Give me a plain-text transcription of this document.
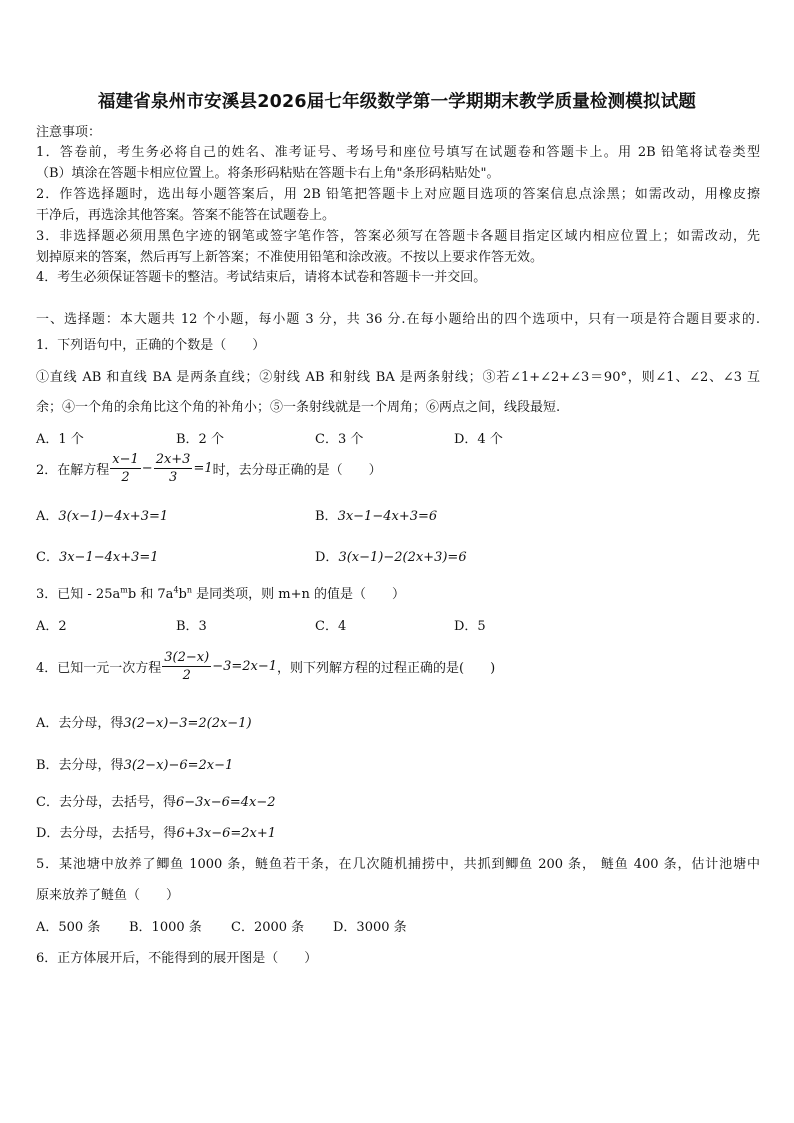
福建省泉州市安溪县2026届七年级数学第一学期期末教学质量检测模拟试题
注意事项：
1．答卷前，考生务必将自己的姓名、准考证号、考场号和座位号填写在试题卷和答题卡上。用 2B 铅笔将试卷类型
（B）填涂在答题卡相应位置上。将条形码粘贴在答题卡右上角"条形码粘贴处"。
2．作答选择题时，选出每小题答案后，用 2B 铅笔把答题卡上对应题目选项的答案信息点涂黑；如需改动，用橡皮擦
干净后，再选涂其他答案。答案不能答在试题卷上。
3．非选择题必须用黑色字迹的钢笔或签字笔作答，答案必须写在答题卡各题目指定区域内相应位置上；如需改动，先
划掉原来的答案，然后再写上新答案；不准使用铅笔和涂改液。不按以上要求作答无效。
4．考生必须保证答题卡的整洁。考试结束后，请将本试卷和答题卡一并交回。
一、选择题：本大题共 12 个小题，每小题 3 分，共 36 分.在每小题给出的四个选项中，只有一项是符合题目要求的.
1．下列语句中，正确的个数是（　　）
①直线 AB 和直线 BA 是两条直线；②射线 AB 和射线 BA 是两条射线；③若∠1+∠2+∠3＝90°，则∠1、∠2、∠3 互
余；④一个角的余角比这个角的补角小；⑤一条射线就是一个周角；⑥两点之间，线段最短.
A．1 个	B．2 个	C．3 个	D．4 个
2．在解方程 $\frac{x-1}{2} - \frac{2x+3}{3} =1$时，去分母正确的是（　　）
A．3(x−1)−4x+3=1	B．3x−1−4x+3=6
C．3x−1−4x+3=1	D．3(x−1)−2(2x+3)=6
3．已知 - $25a^mb$ 和 $7a^4b^n$ 是同类项，则 m+n 的值是（　　）
A．2	B．3	C．4	D．5
4．已知一元一次方程 $\frac{3(2-x)}{2} -3=2x-1$，则下列解方程的过程正确的是(　　)
A．去分母，得3(2−x)−3=2(2x−1)
B．去分母，得3(2−x)−6=2x−1
C．去分母，去括号，得6−3x−6=4x−2
D．去分母，去括号，得6+3x−6=2x+1
5．某池塘中放养了鲫鱼 1000 条，鲢鱼若干条，在几次随机捕捞中，共抓到鲫鱼 200 条， 鲢鱼 400 条，估计池塘中
原来放养了鲢鱼（　　）
A．500 条 B．1000 条 C．2000 条 D．3000 条
6．正方体展开后，不能得到的展开图是（　　）
